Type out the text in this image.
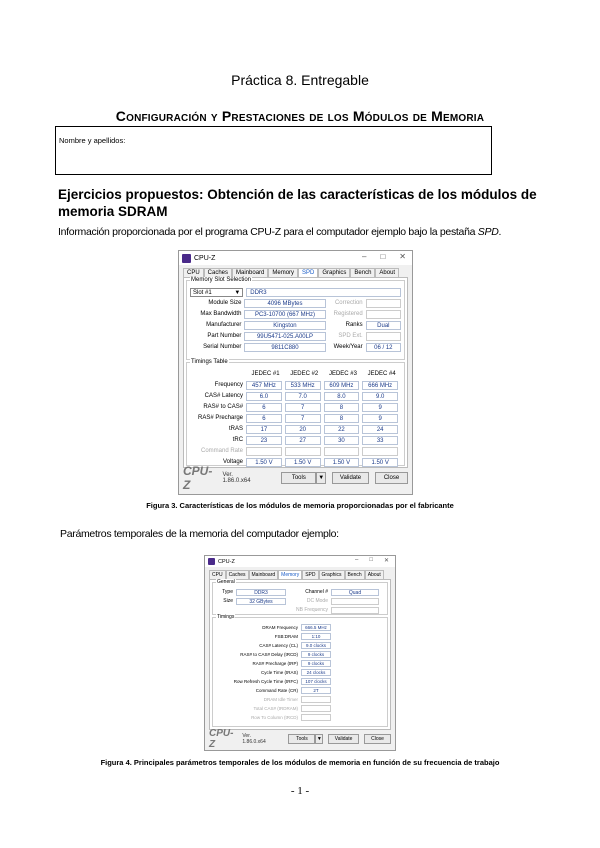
Práctica 8. Entregable
Configuración y Prestaciones de los Módulos de Memoria
Nombre y apellidos:
Ejercicios propuestos: Obtención de las características de los módulos de memoria SDRAM
Información proporcionada por el programa CPU-Z para el computador ejemplo bajo la pestaña SPD.
CPU-Z	– □ ✕
CPU	Caches	Mainboard	Memory	SPD	Graphics	Bench	About
Memory Slot Selection
Slot #1	▼	DDR3
Module Size	4096 MBytes	Correction
Max Bandwidth	PC3-10700 (667 MHz)	Registered
Manufacturer	Kingston	Ranks	Dual
Part Number	99U5471-025.A00LP	SPD Ext.
Serial Number	9811C880	Week/Year	06 / 12
Timings Table
JEDEC #1	JEDEC #2	JEDEC #3	JEDEC #4
Frequency	457 MHz	533 MHz	609 MHz	666 MHz
CAS# Latency	6.0	7.0	8.0	9.0
RAS# to CAS#	6	7	8	9
RAS# Precharge	6	7	8	9
tRAS	17	20	22	24
tRC	23	27	30	33
Command Rate
Voltage	1.50 V	1.50 V	1.50 V	1.50 V
CPU-Z
Ver. 1.86.0.x64	Tools	▼	Validate	Close
Figura 3. Características de los módulos de memoria proporcionadas por el fabricante
Parámetros temporales de la memoria del computador ejemplo:
CPU-Z	– □ ✕
CPU	Caches	Mainboard	Memory	SPD	Graphics	Bench	About
General
Type	DDR3	Channel #	Quad
Size	32 GBytes	DC Mode
NB Frequency
Timings
DRAM Frequency	666.5 MHz
FSB:DRAM	1:10
CAS# Latency (CL)	9.0 clocks
RAS# to CAS# Delay (tRCD)	9 clocks
RAS# Precharge (tRP)	9 clocks
Cycle Time (tRAS)	24 clocks
Row Refresh Cycle Time (tRFC)	107 clocks
Command Rate (CR)	2T
DRAM Idle Timer
Total CAS# (tRDRAM)
Row To Column (tRCD)
CPU-Z
Ver. 1.86.0.x64	Tools	▼	Validate	Close
Figura 4. Principales parámetros temporales de los módulos de memoria en función de su frecuencia de trabajo
- 1 -
